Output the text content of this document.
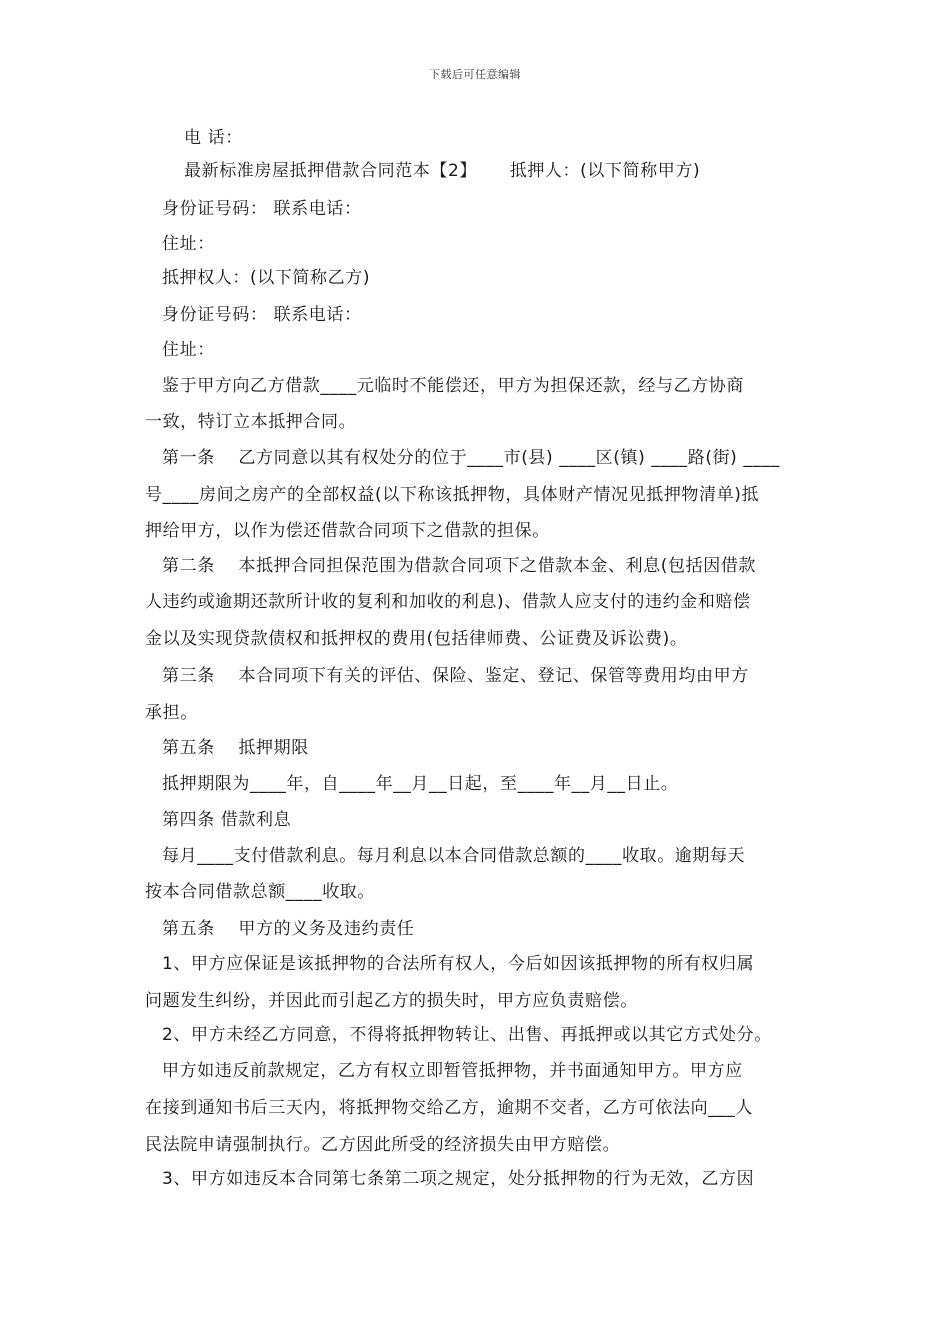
下载后可任意编辑
电 话：
最新标准房屋抵押借款合同范本【2】　　 抵押人：(以下简称甲方)
身份证号码： 联系电话：
住址：
抵押权人：(以下简称乙方)
身份证号码： 联系电话：
住址：
鉴于甲方向乙方借款____元临时不能偿还，甲方为担保还款，经与乙方协商
一致，特订立本抵押合同。
第一条　 乙方同意以其有权处分的位于____市(县) ____区(镇) ____路(街) ____
号____房间之房产的全部权益(以下称该抵押物，具体财产情况见抵押物清单)抵
押给甲方，以作为偿还借款合同项下之借款的担保。
第二条　 本抵押合同担保范围为借款合同项下之借款本金、利息(包括因借款
人违约或逾期还款所计收的复利和加收的利息)、借款人应支付的违约金和赔偿
金以及实现贷款债权和抵押权的费用(包括律师费、公证费及诉讼费)。
第三条　 本合同项下有关的评估、保险、鉴定、登记、保管等费用均由甲方
承担。
第五条　 抵押期限
抵押期限为____年，自____年__月__日起，至____年__月__日止。
第四条 借款利息
每月____支付借款利息。每月利息以本合同借款总额的____收取。逾期每天
按本合同借款总额____收取。
第五条　 甲方的义务及违约责任
1、甲方应保证是该抵押物的合法所有权人，今后如因该抵押物的所有权归属
问题发生纠纷，并因此而引起乙方的损失时，甲方应负责赔偿。
2、甲方未经乙方同意，不得将抵押物转让、出售、再抵押或以其它方式处分。
甲方如违反前款规定，乙方有权立即暂管抵押物，并书面通知甲方。甲方应
在接到通知书后三天内，将抵押物交给乙方，逾期不交者，乙方可依法向___人
民法院申请强制执行。乙方因此所受的经济损失由甲方赔偿。
3、甲方如违反本合同第七条第二项之规定，处分抵押物的行为无效，乙方因
